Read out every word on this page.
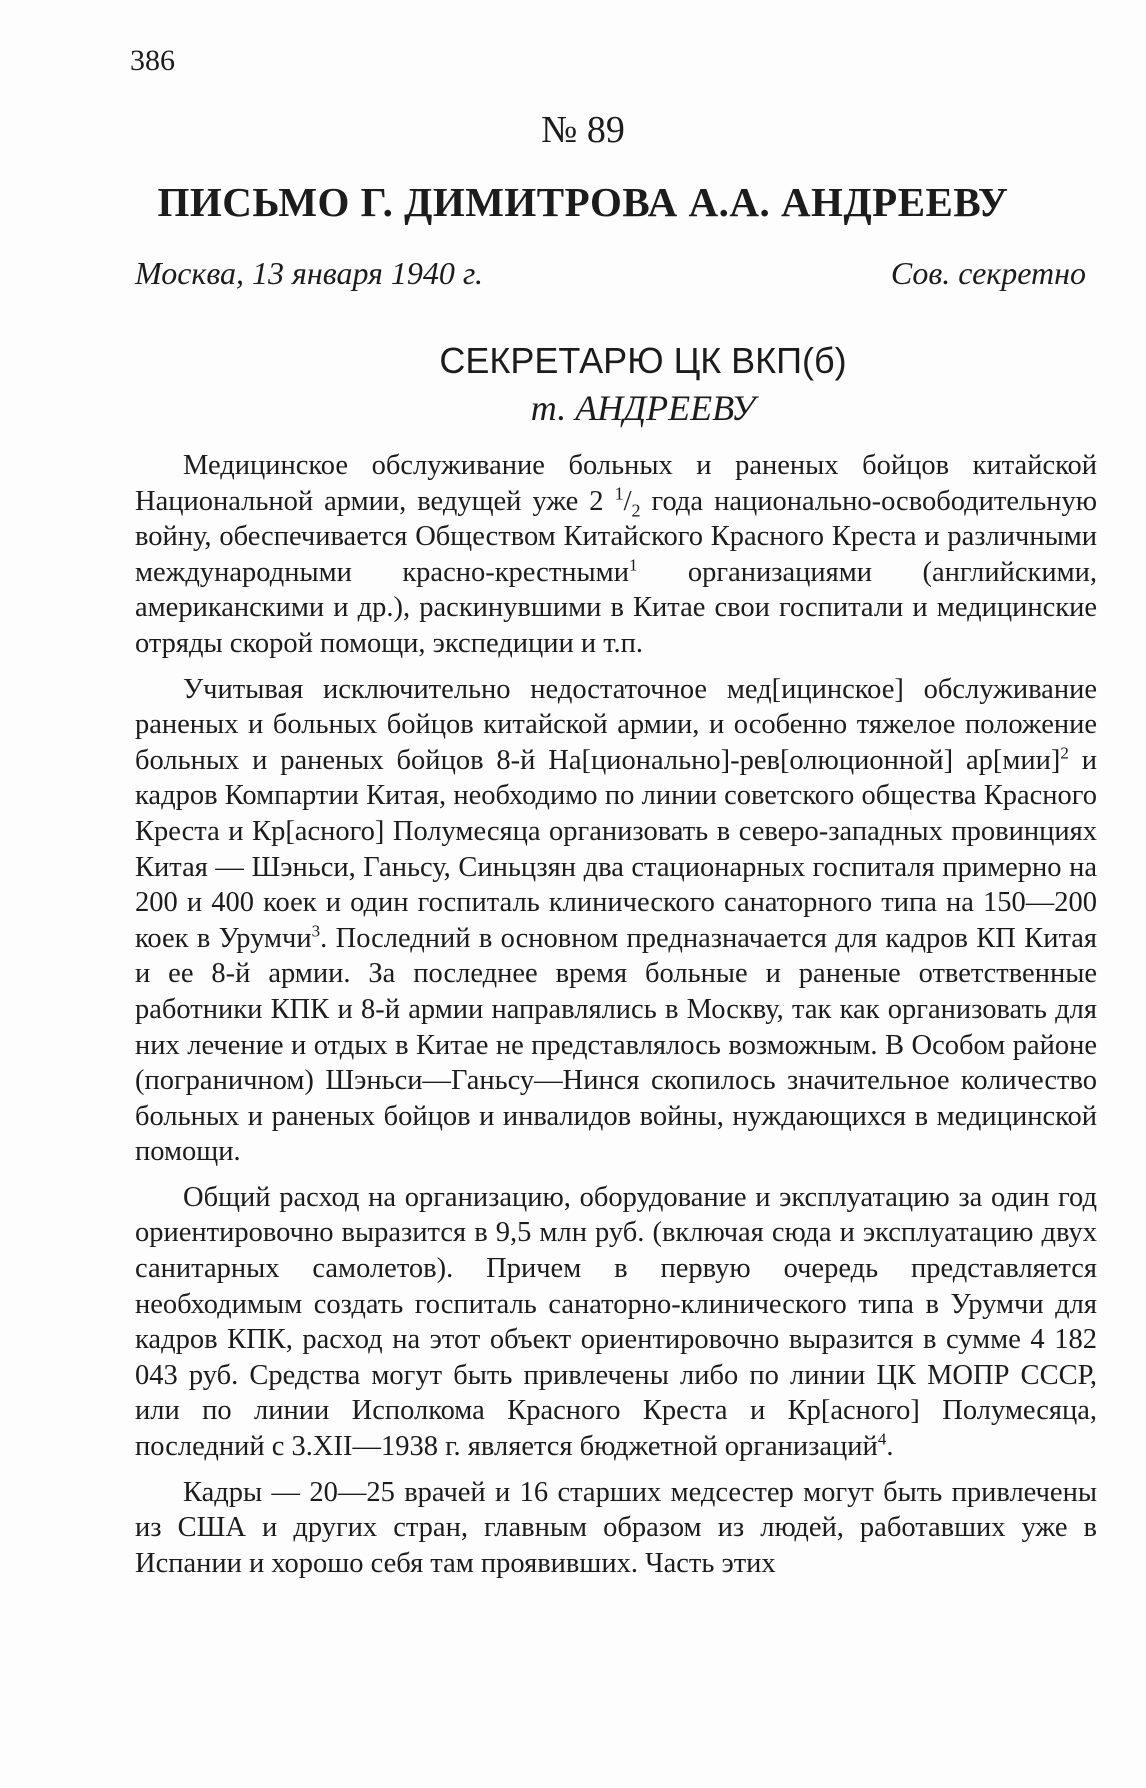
386
№ 89
ПИСЬМО Г. ДИМИТРОВА А.А. АНДРЕЕВУ
Москва, 13 января 1940 г.	Сов. секретно
СЕКРЕТАРЮ ЦК ВКП(б)
т. АНДРЕЕВУ

Медицинское обслуживание больных и раненых бойцов китайской Национальной армии, ведущей уже 2 $^1/_2$ года национально-освободительную войну, обеспечивается Обществом Китайского Красного Креста и различными международными красно-крестными$^1$ организациями (английскими, американскими и др.), раскинувшими в Китае свои госпитали и медицинские отряды скорой помощи, экспедиции и т.п.

Учитывая исключительно недостаточное мед[ицинское] обслуживание раненых и больных бойцов китайской армии, и особенно тяжелое положение больных и раненых бойцов 8-й На[ционально]-рев[олюционной] ар[мии]$^2$ и кадров Компартии Китая, необходимо по линии советского общества Красного Креста и Кр[асного] Полумесяца организовать в северо-западных провинциях Китая — Шэньси, Ганьсу, Синьцзян два стационарных госпиталя примерно на 200 и 400 коек и один госпиталь клинического санаторного типа на 150—200 коек в Урумчи$^3$. Последний в основном предназначается для кадров КП Китая и ее 8-й армии. За последнее время больные и раненые ответственные работники КПК и 8-й армии направлялись в Москву, так как организовать для них лечение и отдых в Китае не представлялось возможным. В Особом районе (пограничном) Шэньси—Ганьсу—Нинся скопилось значительное количество больных и раненых бойцов и инвалидов войны, нуждающихся в медицинской помощи.

Общий расход на организацию, оборудование и эксплуатацию за один год ориентировочно выразится в 9,5 млн руб. (включая сюда и эксплуатацию двух санитарных самолетов). Причем в первую очередь представляется необходимым создать госпиталь санаторно-клинического типа в Урумчи для кадров КПК, расход на этот объект ориентировочно выразится в сумме 4 182 043 руб. Средства могут быть привлечены либо по линии ЦК МОПР СССР, или по линии Исполкома Красного Креста и Кр[асного] Полумесяца, последний с 3.XII—1938 г. является бюджетной организаций$^4$.

Кадры — 20—25 врачей и 16 старших медсестер могут быть привлечены из США и других стран, главным образом из людей, работавших уже в Испании и хорошо себя там проявивших. Часть этих
